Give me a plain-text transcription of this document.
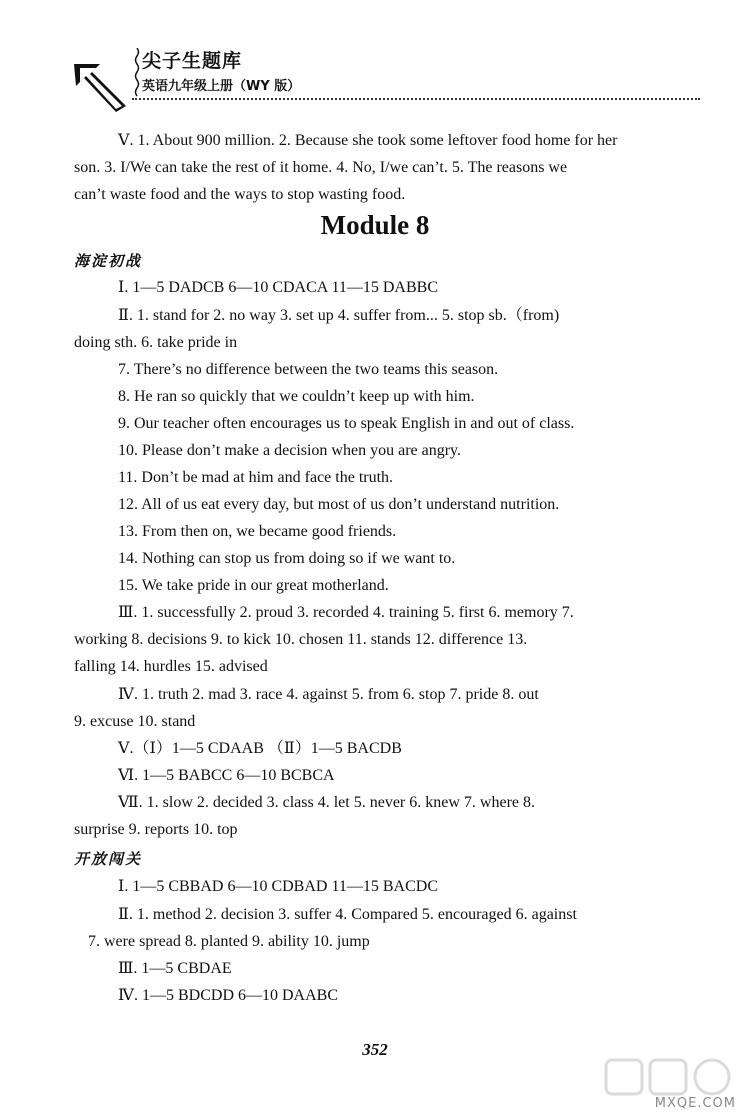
尖子生题库
英语九年级上册（WY 版）
Ⅴ. 1. About 900 million. 2. Because she took some leftover food home for her
son. 3. I/We can take the rest of it home. 4. No, I/we can’t. 5. The reasons we
can’t waste food and the ways to stop wasting food.
Module 8
海淀初战
Ⅰ. 1—5 DADCB 6—10 CDACA 11—15 DABBC
Ⅱ. 1. stand for 2. no way 3. set up 4. suffer from... 5. stop sb.（from)
doing sth. 6. take pride in
7. There’s no difference between the two teams this season.
8. He ran so quickly that we couldn’t keep up with him.
9. Our teacher often encourages us to speak English in and out of class.
10. Please don’t make a decision when you are angry.
11. Don’t be mad at him and face the truth.
12. All of us eat every day, but most of us don’t understand nutrition.
13. From then on, we became good friends.
14. Nothing can stop us from doing so if we want to.
15. We take pride in our great motherland.
Ⅲ. 1. successfully 2. proud 3. recorded 4. training 5. first 6. memory 7.
working 8. decisions 9. to kick 10. chosen 11. stands 12. difference 13.
falling 14. hurdles 15. advised
Ⅳ. 1. truth 2. mad 3. race 4. against 5. from 6. stop 7. pride 8. out
9. excuse 10. stand
Ⅴ.（Ⅰ）1—5 CDAAB （Ⅱ）1—5 BACDB
Ⅵ. 1—5 BABCC 6—10 BCBCA
Ⅶ. 1. slow 2. decided 3. class 4. let 5. never 6. knew 7. where 8.
surprise 9. reports 10. top
开放闯关
Ⅰ. 1—5 CBBAD 6—10 CDBAD 11—15 BACDC
Ⅱ. 1. method 2. decision 3. suffer 4. Compared 5. encouraged 6. against
7. were spread 8. planted 9. ability 10. jump
Ⅲ. 1—5 CBDAE
Ⅳ. 1—5 BDCDD 6—10 DAABC
352
MXQE.COM
